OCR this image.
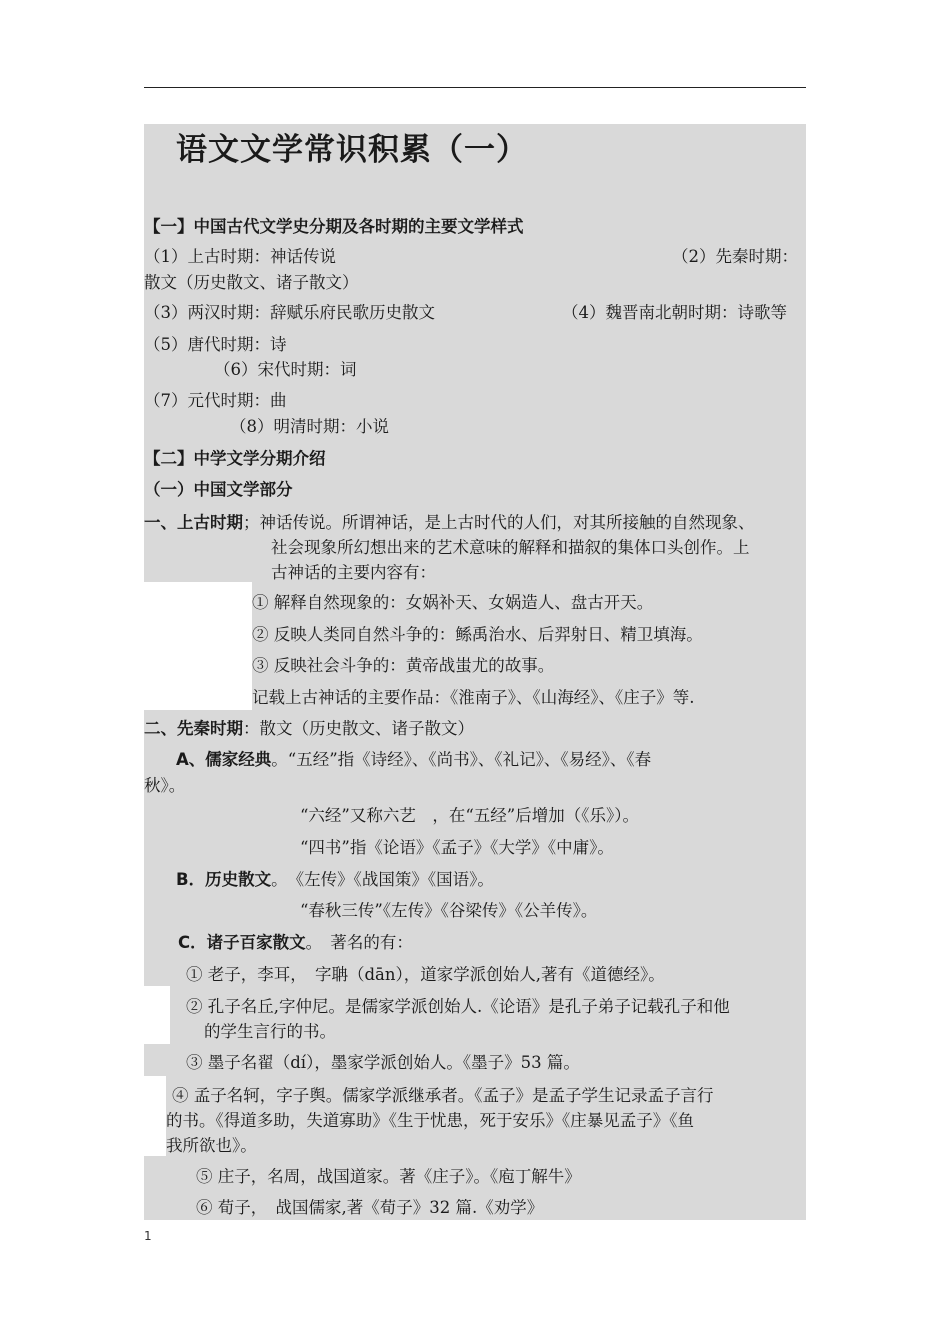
语文文学常识积累（一）
【一】中国古代文学史分期及各时期的主要文学样式
（1）上古时期：神话传说	（2）先秦时期：
散文（历史散文、诸子散文）
（3）两汉时期：辞赋乐府民歌历史散文	（4）魏晋南北朝时期：诗歌等
（5）唐代时期：诗
（6）宋代时期：词
（7）元代时期：曲
（8）明清时期：小说
【二】中学文学分期介绍
（一）中国文学部分
一、上古时期；神话传说。所谓神话，是上古时代的人们，对其所接触的自然现象、
社会现象所幻想出来的艺术意味的解释和描叙的集体口头创作。上
古神话的主要内容有：
① 解释自然现象的：女娲补天、女娲造人、盘古开天。
② 反映人类同自然斗争的：鲧禹治水、后羿射日、精卫填海。
③ 反映社会斗争的：黄帝战蚩尤的故事。
记载上古神话的主要作品：《淮南子》、《山海经》、《庄子》等.
二、先秦时期：散文（历史散文、诸子散文）
A、儒家经典。“五经”指《诗经》、《尚书》、《礼记》、《易经》、《春
秋》。
“六经”又称六艺　，在“五经”后增加（《乐》）。
“四书”指《论语》《孟子》《大学》《中庸》。
B．历史散文。　《左传》《战国策》《国语》。
“春秋三传”《左传》《谷梁传》《公羊传》。
C．诸子百家散文。　著名的有：
① 老子，李耳，　字聃（dān），道家学派创始人,著有《道德经》。
② 孔子名丘,字仲尼。是儒家学派创始人.《论语》是孔子弟子记载孔子和他
的学生言行的书。
③ 墨子名翟（dí），墨家学派创始人。《墨子》53 篇。
④ 孟子名轲，字子舆。儒家学派继承者。《孟子》是孟子学生记录孟子言行
的书。《得道多助，失道寡助》《生于忧患，死于安乐》《庄暴见孟子》《鱼
我所欲也》。
⑤ 庄子，名周，战国道家。著《庄子》。《庖丁解牛》
⑥ 荀子，　战国儒家,著《荀子》32 篇.《劝学》
1
